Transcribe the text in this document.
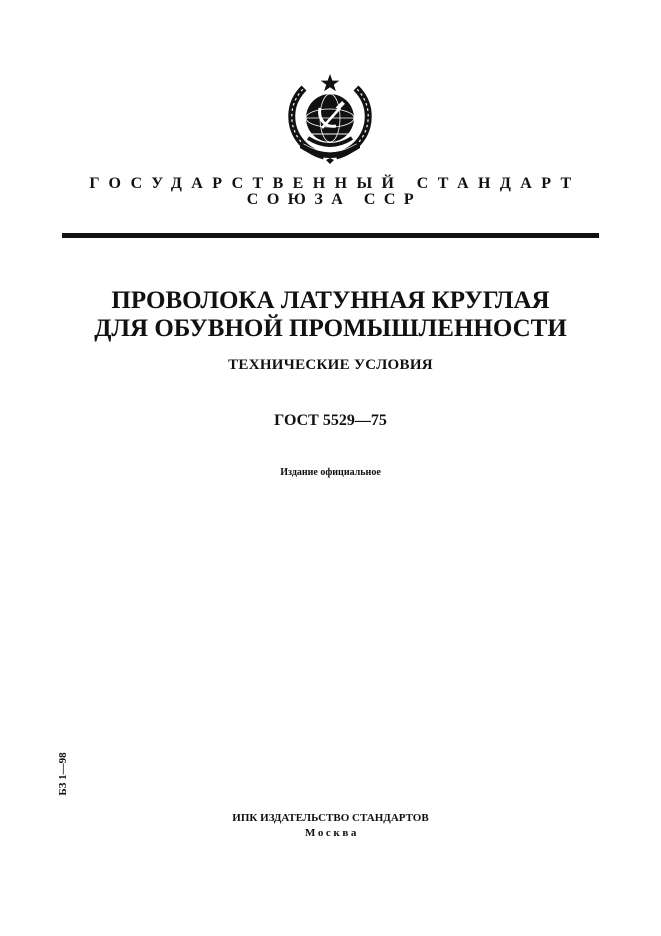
ГОСУДАРСТВЕННЫЙ СТАНДАРТ
СОЮЗА ССР
ПРОВОЛОКА ЛАТУННАЯ КРУГЛАЯ
ДЛЯ ОБУВНОЙ ПРОМЫШЛЕННОСТИ
ТЕХНИЧЕСКИЕ УСЛОВИЯ
ГОСТ 5529—75
Издание официальное
БЗ 1—98
ИПК ИЗДАТЕЛЬСТВО СТАНДАРТОВ
Москва
